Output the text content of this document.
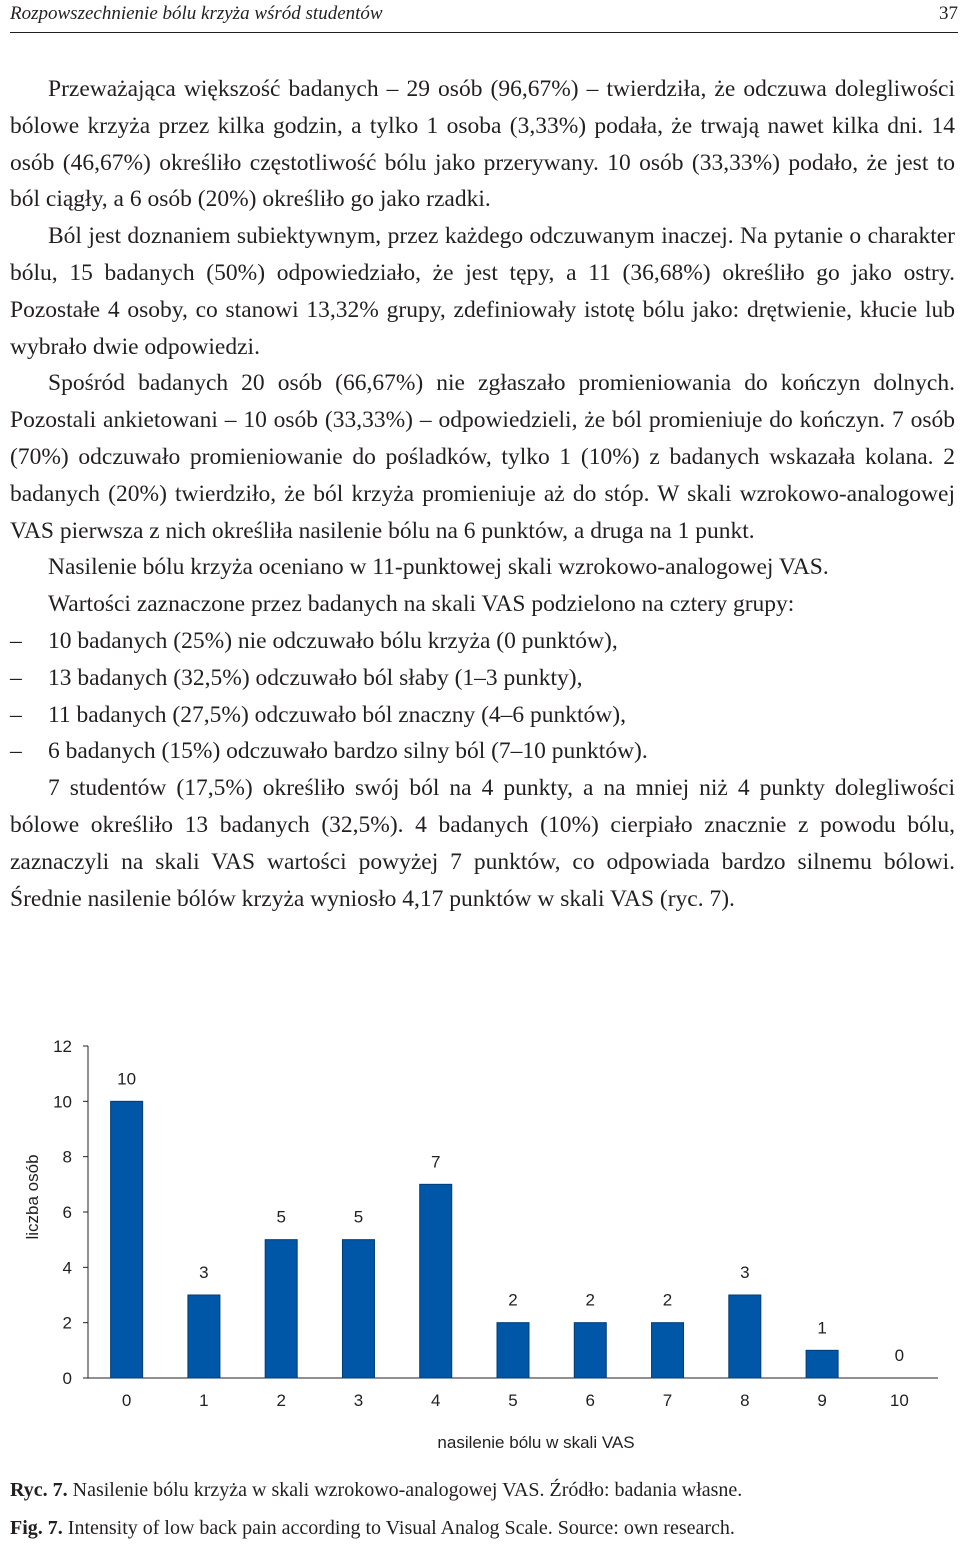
Rozpowszechnienie bólu krzyża wśród studentów	37

Przeważająca większość badanych – 29 osób (96,67%) – twierdziła, że odczuwa dolegliwości bólowe krzyża przez kilka godzin, a tylko 1 osoba (3,33%) podała, że trwają nawet kilka dni. 14 osób (46,67%) określiło częstotliwość bólu jako przerywany. 10 osób (33,33%) podało, że jest to ból ciągły, a 6 osób (20%) określiło go jako rzadki.

Ból jest doznaniem subiektywnym, przez każdego odczuwanym inaczej. Na pytanie o charakter bólu, 15 badanych (50%) odpowiedziało, że jest tępy, a 11 (36,68%) określiło go jako ostry. Pozostałe 4 osoby, co stanowi 13,32% grupy, zdefiniowały istotę bólu jako: drętwienie, kłucie lub wybrało dwie odpowiedzi.

Spośród badanych 20 osób (66,67%) nie zgłaszało promieniowania do kończyn dolnych. Pozostali ankietowani – 10 osób (33,33%) – odpowiedzieli, że ból promieniuje do kończyn. 7 osób (70%) odczuwało promieniowanie do pośladków, tylko 1 (10%) z badanych wskazała kolana. 2 badanych (20%) twierdziło, że ból krzyża promieniuje aż do stóp. W skali wzrokowo-analogowej VAS pierwsza z nich określiła nasilenie bólu na 6 punktów, a druga na 1 punkt.

Nasilenie bólu krzyża oceniano w 11-punktowej skali wzrokowo-analogowej VAS.

Wartości zaznaczone przez badanych na skali VAS podzielono na cztery grupy:

– 10 badanych (25%) nie odczuwało bólu krzyża (0 punktów),
– 13 badanych (32,5%) odczuwało ból słaby (1–3 punkty),
– 11 badanych (27,5%) odczuwało ból znaczny (4–6 punktów),
– 6 badanych (15%) odczuwało bardzo silny ból (7–10 punktów).

7 studentów (17,5%) określiło swój ból na 4 punkty, a na mniej niż 4 punkty dolegliwości bólowe określiło 13 badanych (32,5%). 4 badanych (10%) cierpiało znacznie z powodu bólu, zaznaczyli na skali VAS wartości powyżej 7 punktów, co odpowiada bardzo silnemu bólowi. Średnie nasilenie bólów krzyża wyniosło 4,17 punktów w skali VAS (ryc. 7).

liczba osób
nasilenie bólu w skali VAS
0
2
4
6
8
10
12
10
0
3
1
5
2
5
3
7
4
2
5
2
6
2
7
3
8
1
9
0
10
Ryc. 7. Nasilenie bólu krzyża w skali wzrokowo-analogowej VAS. Źródło: badania własne.
Fig. 7. Intensity of low back pain according to Visual Analog Scale. Source: own research.
